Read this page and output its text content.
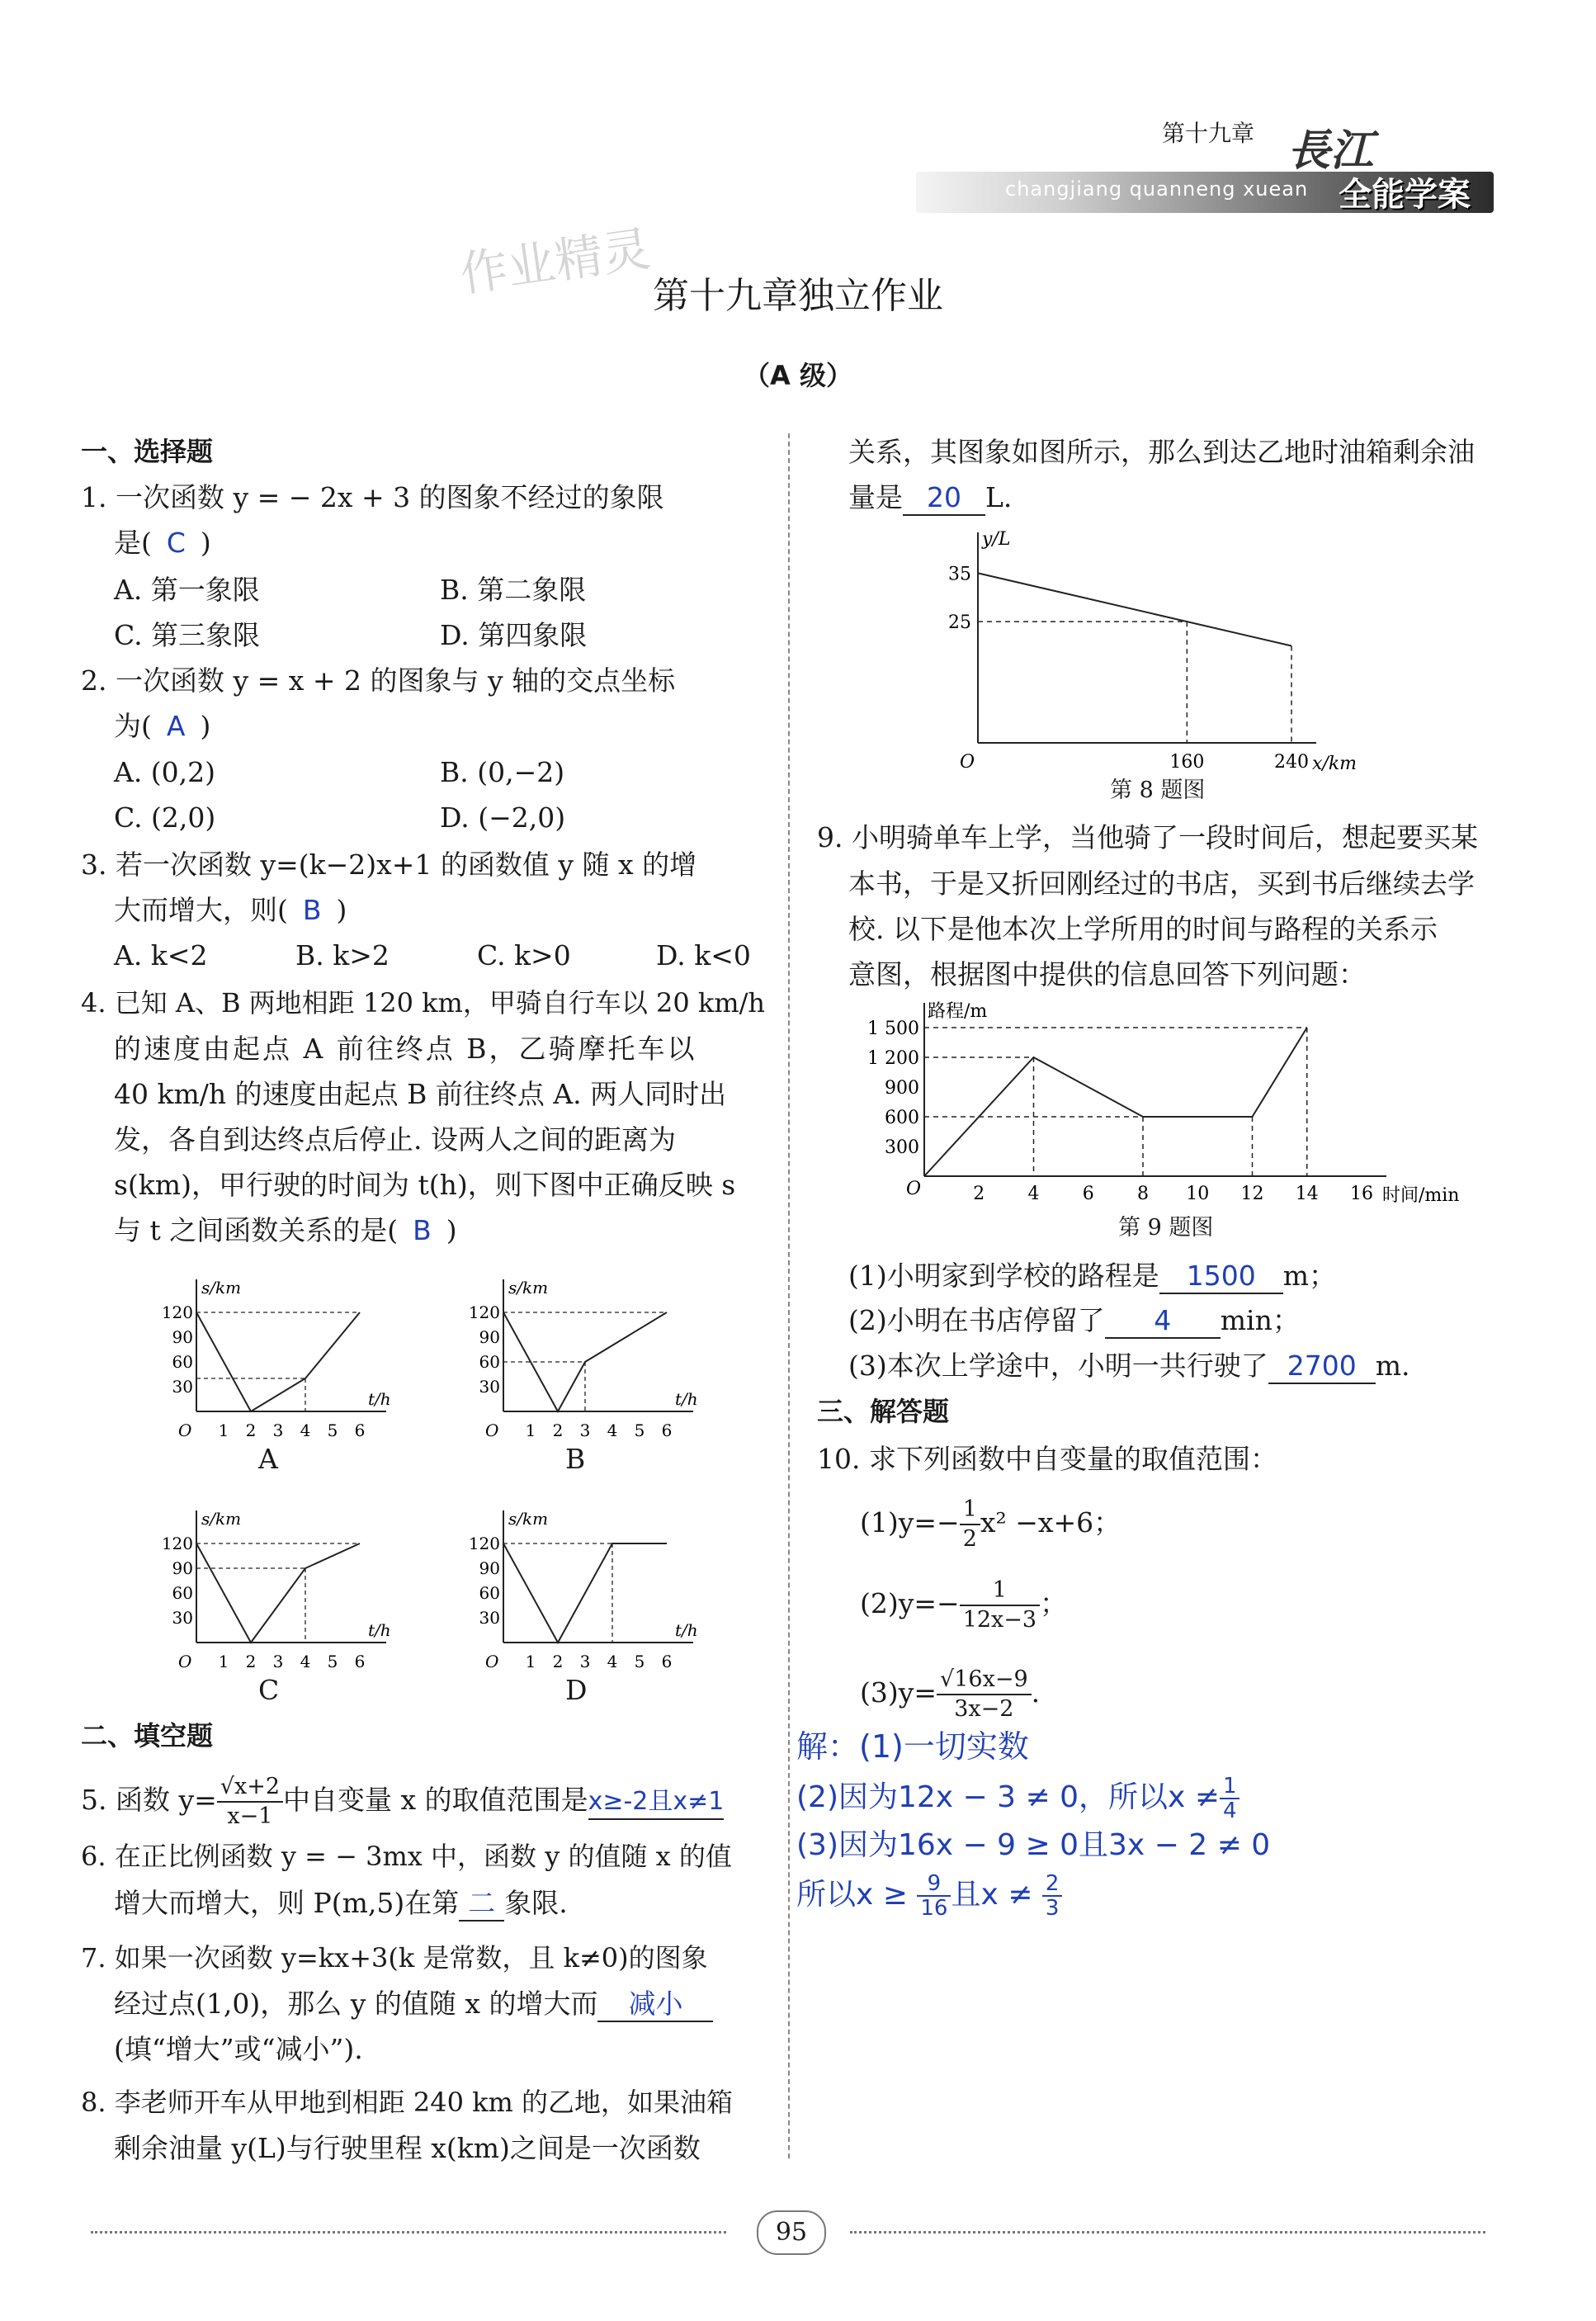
第十九章
changjiang quanneng xuean
長江
全能学案
作业精灵
第十九章独立作业
（A 级）
一、选择题
1. 一次函数 y = − 2x + 3 的图象不经过的象限
是( C )
A. 第一象限	B. 第二象限
C. 第三象限	D. 第四象限
2. 一次函数 y = x + 2 的图象与 y 轴的交点坐标
为( A )
A. (0,2)	B. (0,−2)
C. (2,0)	D. (−2,0)
3. 若一次函数 y=(k−2)x+1 的函数值 y 随 x 的增
大而增大，则( B )
A. k<2	B. k>2	C. k>0	D. k<0
4. 已知 A、B 两地相距 120 km，甲骑自行车以 20 km/h
的速度由起点 A 前往终点 B，乙骑摩托车以
40 km/h 的速度由起点 B 前往终点 A. 两人同时出
发，各自到达终点后停止. 设两人之间的距离为
s(km)，甲行驶的时间为 t(h)，则下图中正确反映 s
与 t 之间函数关系的是( B )
s/km
t/h
O
120
90
60
30
1 2 3 4 5 6
s/km
t/h
O
120
90
60
30
1 2 3 4 5 6
s/km
t/h
O
120
90
60
30
1 2 3 4 5 6
s/km
t/h
O
120
90
60
30
1 2 3 4 5 6
A	B
C	D
二、填空题
5. 函数 $y= \frac{√x+2}{x-1}$ 中自变量 x 的取值范围是x≥-2且x≠1
6. 在正比例函数 y = − 3mx 中，函数 y 的值随 x 的值
增大而增大，则 P(m,5)在第 二 象限.
7. 如果一次函数 y=kx+3(k 是常数，且 k≠0)的图象
经过点(1,0)，那么 y 的值随 x 的增大而 减小
(填“增大”或“减小”).
8. 李老师开车从甲地到相距 240 km 的乙地，如果油箱
剩余油量 y(L)与行驶里程 x(km)之间是一次函数
关系，其图象如图所示，那么到达乙地时油箱剩余油
量是 20 L.
x/km
y/L
O
25
35
160	240
第 8 题图
9. 小明骑单车上学，当他骑了一段时间后，想起要买某
本书，于是又折回刚经过的书店，买到书后继续去学
校. 以下是他本次上学所用的时间与路程的关系示
意图，根据图中提供的信息回答下列问题：
路程/m
时间/min
O
300
600
900
1 200
1 500
2 4 6 8 10 12 14 16
第 9 题图
(1)小明家到学校的路程是 1500 m；
(2)小明在书店停留了 4 min；
(3)本次上学途中，小明一共行驶了 2700 m.
三、解答题
10. 求下列函数中自变量的取值范围：
$(1)y=- \frac{1}{2} x^2 -x+6$；
$(2)y=- \frac{1}{12x-3}$ ；
$(3)y= \frac{√16x-9}{3x-2}$ .
解：(1)一切实数
(2)因为12x − 3 ≠ 0，所以$x \ne \frac{1}{4}$
(3)因为16x − 9 ≥ 0且3x − 2 ≠ 0
所以$x \ge \frac{9}{16}$ 且$x \ne \frac{2}{3}$
95
